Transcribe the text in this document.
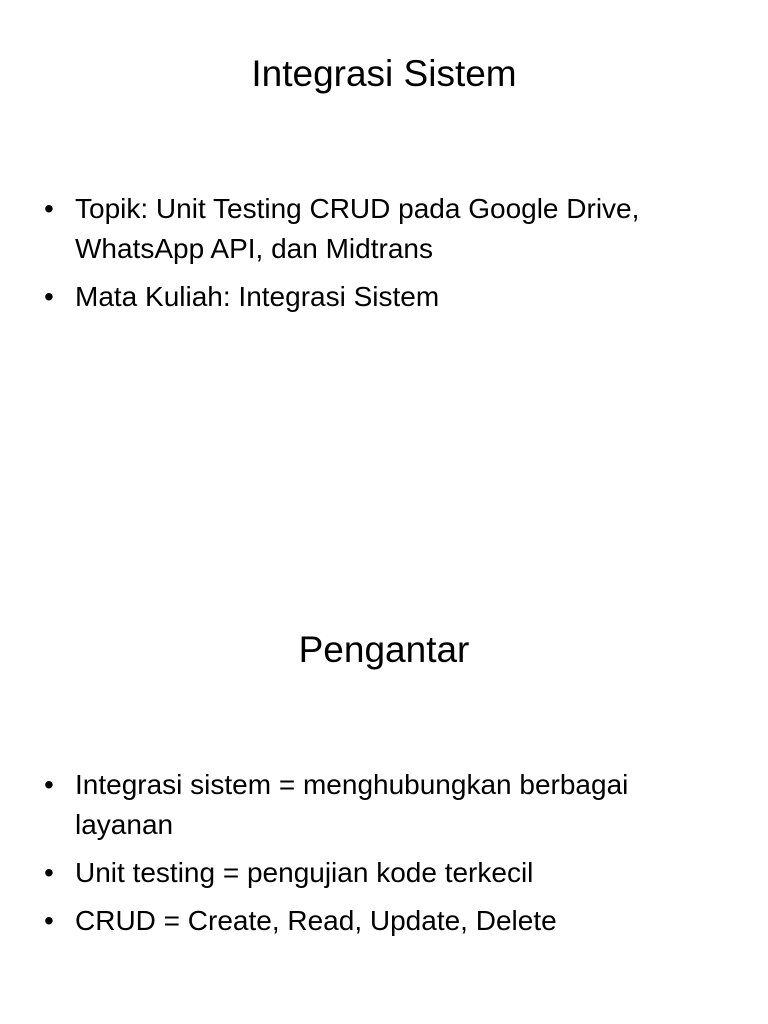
Integrasi Sistem
• Topik: Unit Testing CRUD pada Google Drive, WhatsApp API, dan Midtrans
• Mata Kuliah: Integrasi Sistem
Pengantar
• Integrasi sistem = menghubungkan berbagai layanan
• Unit testing = pengujian kode terkecil
• CRUD = Create, Read, Update, Delete
